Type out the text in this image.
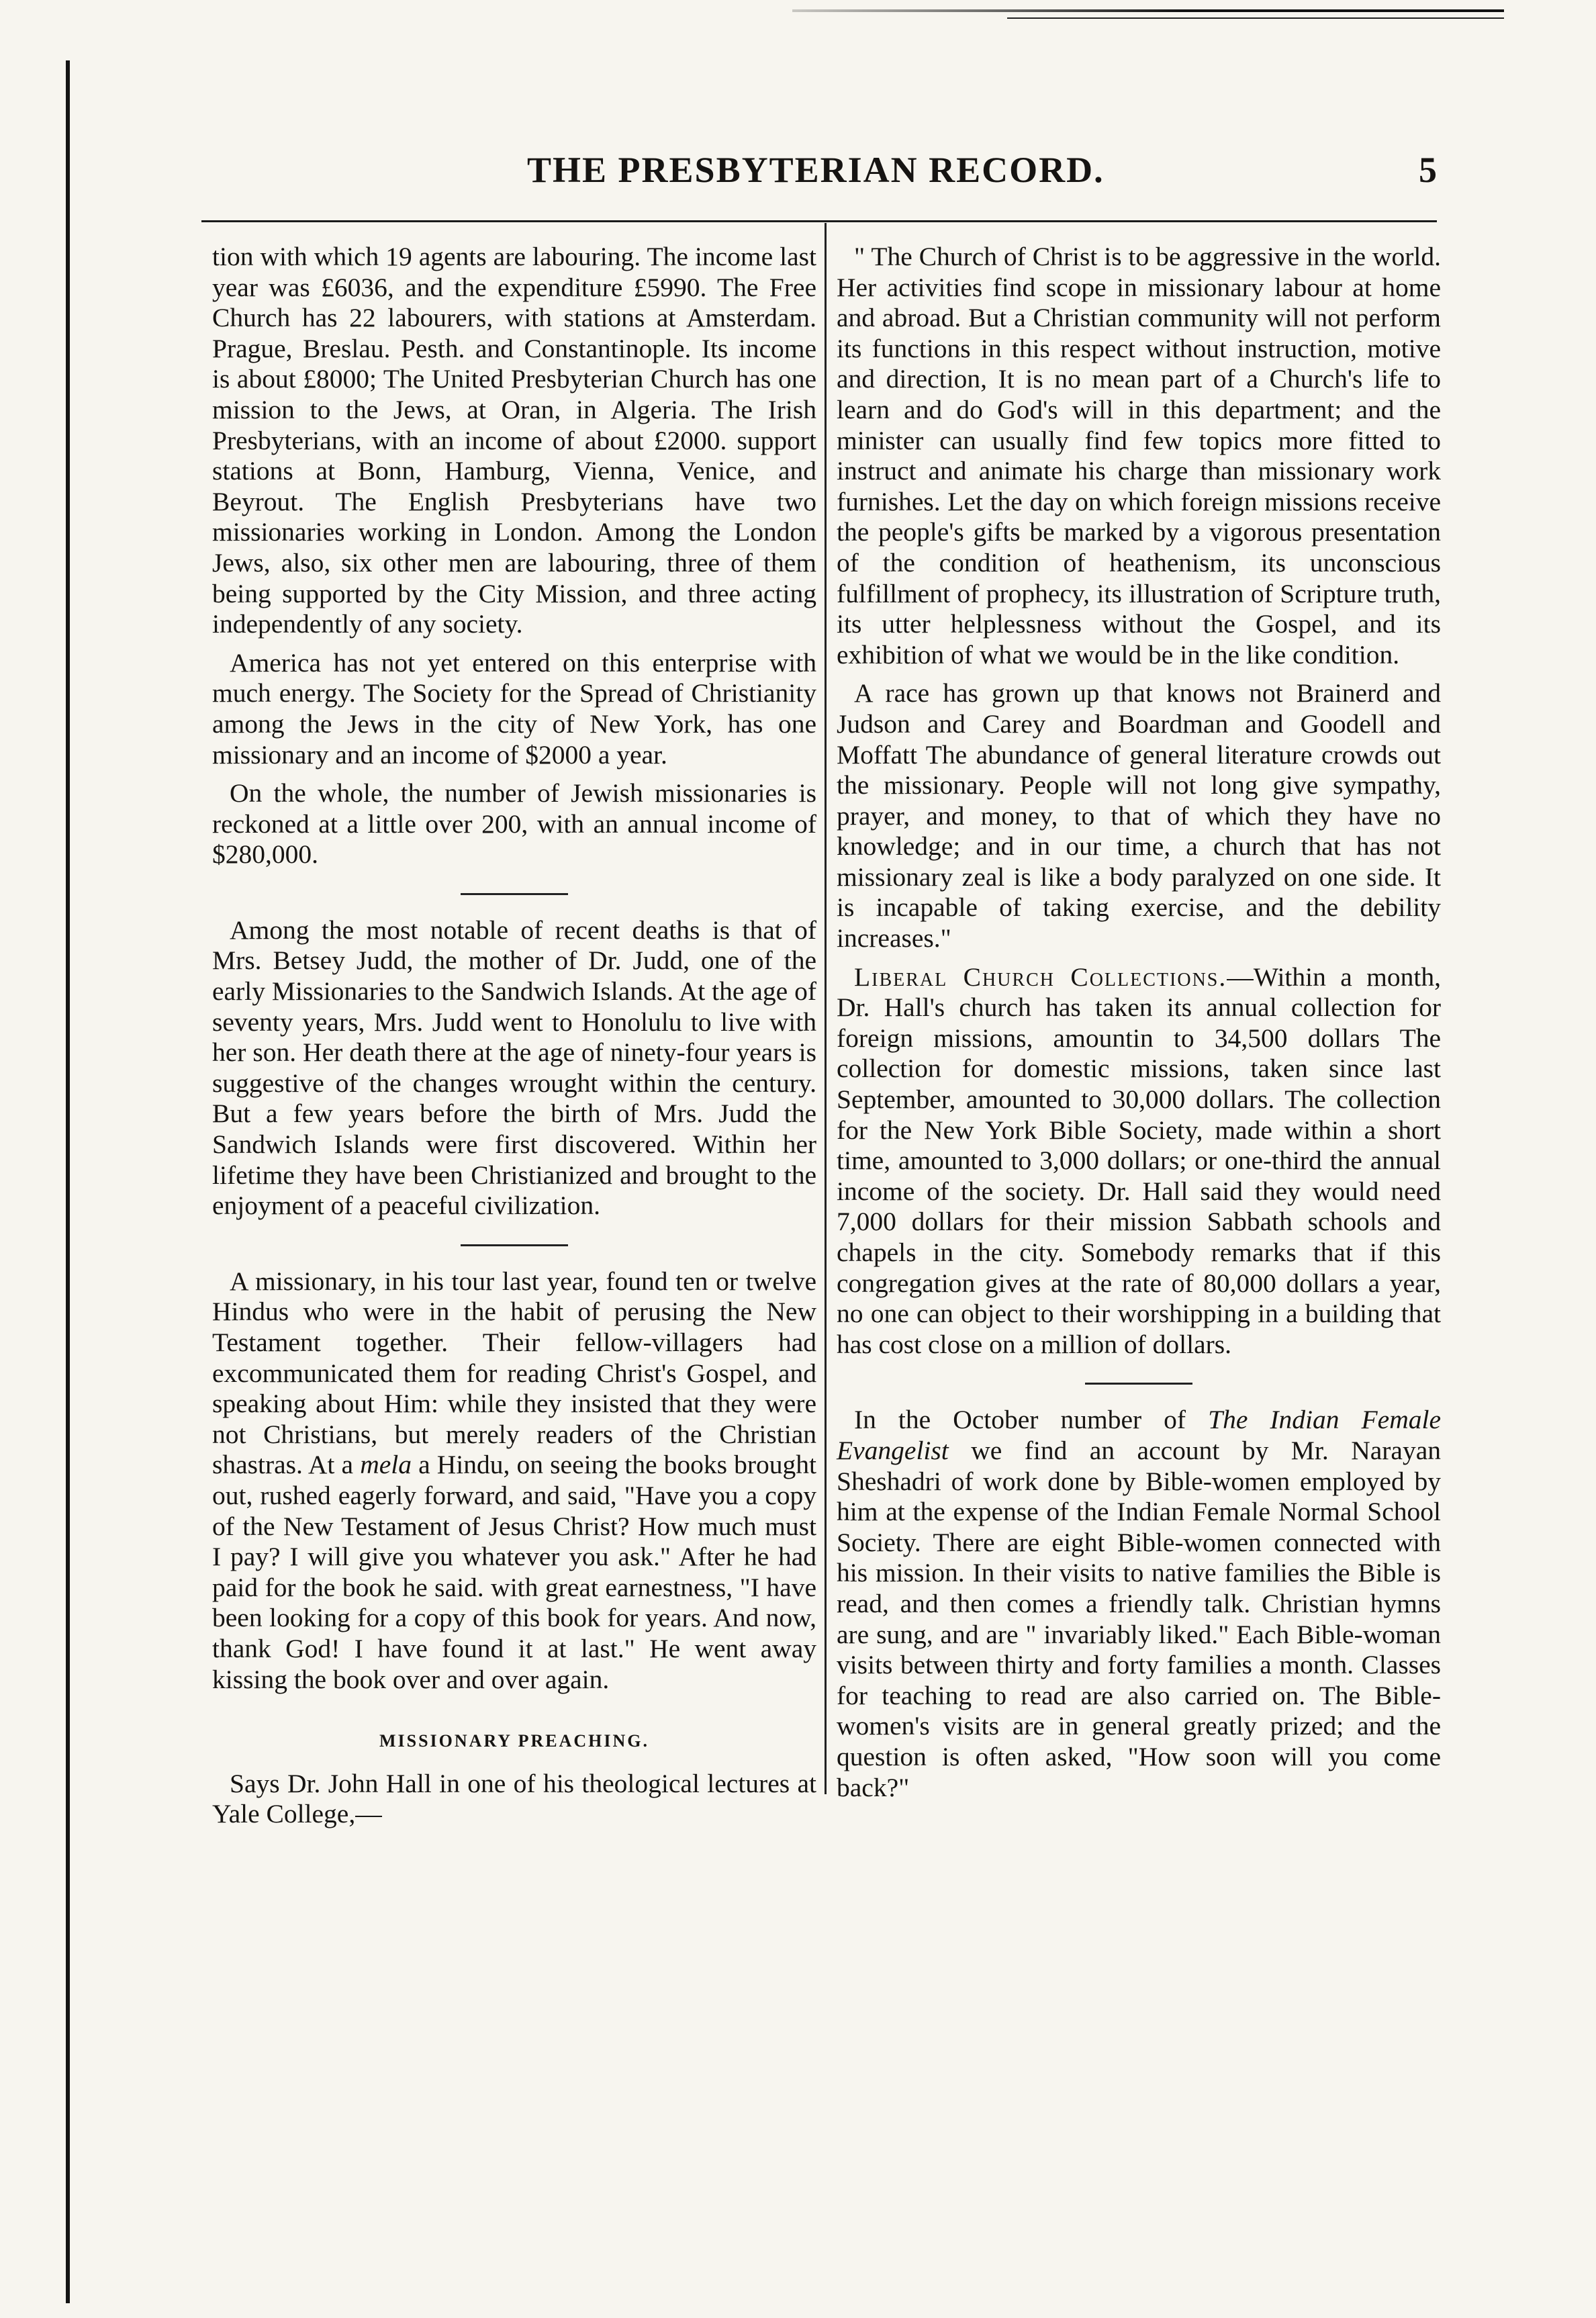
THE PRESBYTERIAN RECORD.	5

tion with which 19 agents are labouring. The income last year was £6036, and the expenditure £5990. The Free Church has 22 labourers, with stations at Amsterdam. Prague, Breslau. Pesth. and Constantinople. Its income is about £8000; The United Presbyterian Church has one mission to the Jews, at Oran, in Algeria. The Irish Presbyterians, with an income of about £2000. support stations at Bonn, Hamburg, Vienna, Venice, and Beyrout. The English Presbyterians have two missionaries working in London. Among the London Jews, also, six other men are labouring, three of them being supported by the City Mission, and three acting independently of any society.

America has not yet entered on this enterprise with much energy. The Society for the Spread of Christianity among the Jews in the city of New York, has one missionary and an income of $2000 a year.

On the whole, the number of Jewish missionaries is reckoned at a little over 200, with an annual income of $280,000.

Among the most notable of recent deaths is that of Mrs. Betsey Judd, the mother of Dr. Judd, one of the early Missionaries to the Sandwich Islands. At the age of seventy years, Mrs. Judd went to Honolulu to live with her son. Her death there at the age of ninety-four years is suggestive of the changes wrought within the century. But a few years before the birth of Mrs. Judd the Sandwich Islands were first discovered. Within her lifetime they have been Christianized and brought to the enjoyment of a peaceful civilization.

A missionary, in his tour last year, found ten or twelve Hindus who were in the habit of perusing the New Testament together. Their fellow-villagers had excommunicated them for reading Christ's Gospel, and speaking about Him: while they insisted that they were not Christians, but merely readers of the Christian shastras. At a mela a Hindu, on seeing the books brought out, rushed eagerly forward, and said, "Have you a copy of the New Testament of Jesus Christ? How much must I pay? I will give you whatever you ask." After he had paid for the book he said. with great earnestness, "I have been looking for a copy of this book for years. And now, thank God! I have found it at last." He went away kissing the book over and over again.

MISSIONARY PREACHING.

Says Dr. John Hall in one of his theological lectures at Yale College,—

" The Church of Christ is to be aggressive in the world. Her activities find scope in missionary labour at home and abroad. But a Christian community will not perform its functions in this respect without instruction, motive and direction, It is no mean part of a Church's life to learn and do God's will in this department; and the minister can usually find few topics more fitted to instruct and animate his charge than missionary work furnishes. Let the day on which foreign missions receive the people's gifts be marked by a vigorous presentation of the condition of heathenism, its unconscious fulfillment of prophecy, its illustration of Scripture truth, its utter helplessness without the Gospel, and its exhibition of what we would be in the like condition.

A race has grown up that knows not Brainerd and Judson and Carey and Boardman and Goodell and Moffatt The abundance of general literature crowds out the missionary. People will not long give sympathy, prayer, and money, to that of which they have no knowledge; and in our time, a church that has not missionary zeal is like a body paralyzed on one side. It is incapable of taking exercise, and the debility increases."

Liberal Church Collections.—Within a month, Dr. Hall's church has taken its annual collection for foreign missions, amountin to 34,500 dollars The collection for domestic missions, taken since last September, amounted to 30,000 dollars. The collection for the New York Bible Society, made within a short time, amounted to 3,000 dollars; or one-third the annual income of the society. Dr. Hall said they would need 7,000 dollars for their mission Sabbath schools and chapels in the city. Somebody remarks that if this congregation gives at the rate of 80,000 dollars a year, no one can object to their worshipping in a building that has cost close on a million of dollars.

In the October number of The Indian Female Evangelist we find an account by Mr. Narayan Sheshadri of work done by Bible-women employed by him at the expense of the Indian Female Normal School Society. There are eight Bible-women connected with his mission. In their visits to native families the Bible is read, and then comes a friendly talk. Christian hymns are sung, and are " invariably liked." Each Bible-woman visits between thirty and forty families a month. Classes for teaching to read are also carried on. The Bible-women's visits are in general greatly prized; and the question is often asked, "How soon will you come back?"
